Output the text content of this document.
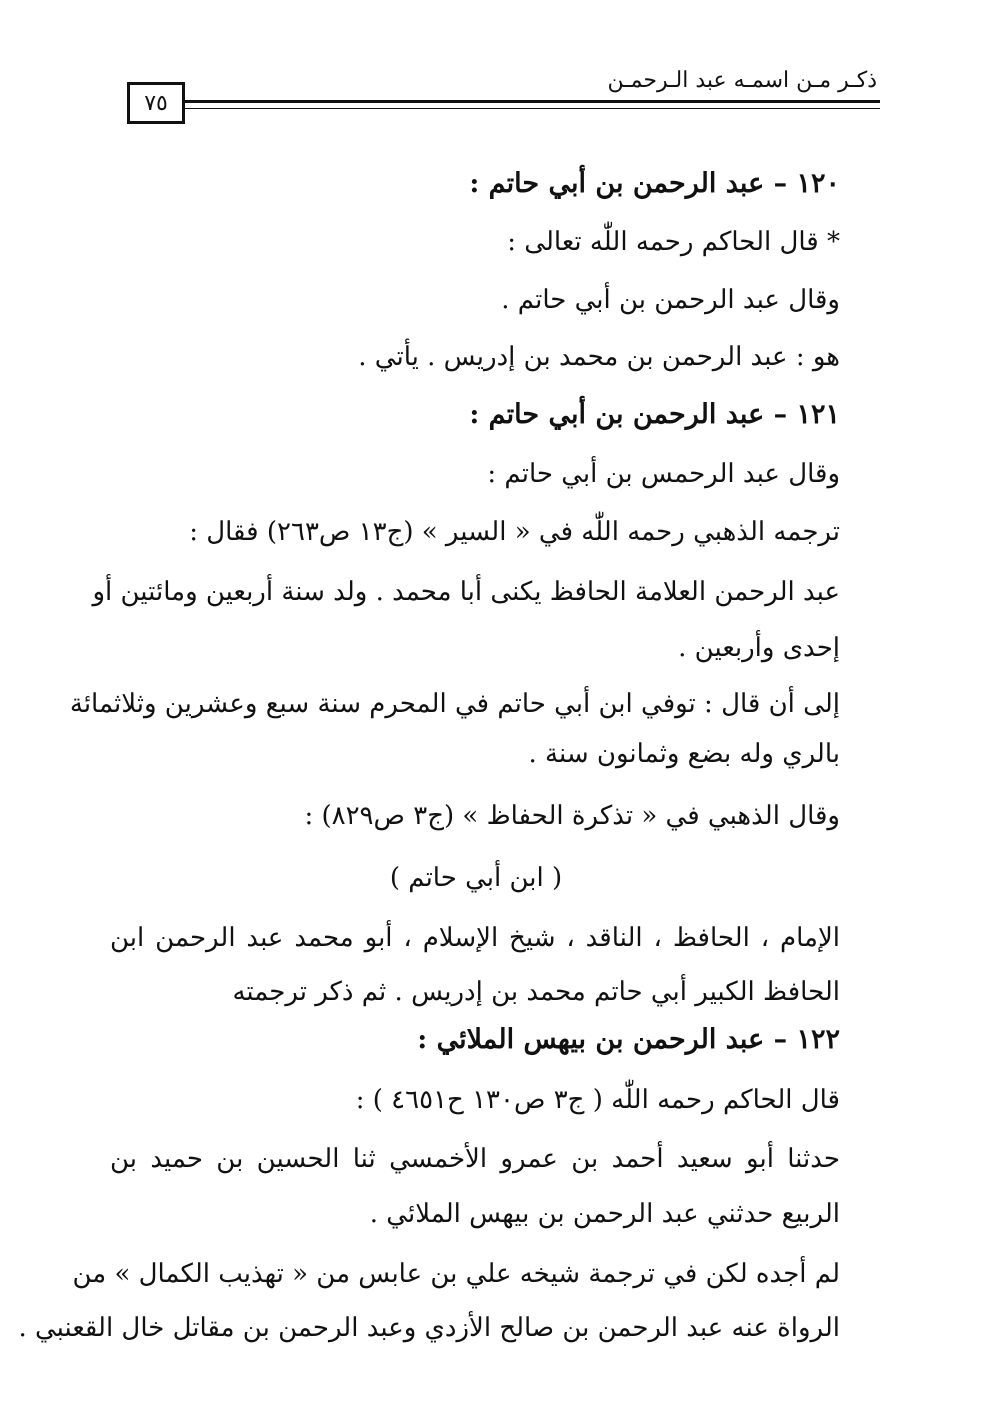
ذكـر مـن اسمـه عبد الـرحمـن
٧٥
١٢٠ – عبد الرحمن بن أبي حاتم :
* قال الحاكم رحمه اللّٰه تعالى :
وقال عبد الرحمن بن أبي حاتم .
هو : عبد الرحمن بن محمد بن إدريس . يأتي .
١٢١ – عبد الرحمن بن أبي حاتم :
وقال عبد الرحمس بن أبي حاتم :
ترجمه الذهبي رحمه اللّٰه في « السير » (ج١٣ ص٢٦٣) فقال :
عبد الرحمن العلامة الحافظ يكنى أبا محمد . ولد سنة أربعين ومائتين أو
إحدى وأربعين .
إلى أن قال : توفي ابن أبي حاتم في المحرم سنة سبع وعشرين وثلاثمائة
بالري وله بضع وثمانون سنة .
وقال الذهبي في « تذكرة الحفاظ » (ج٣ ص٨٢٩) :
( ابن أبي حاتم )
الإمام ، الحافظ ، الناقد ، شيخ الإسلام ، أبو محمد عبد الرحمن ابن
الحافظ الكبير أبي حاتم محمد بن إدريس . ثم ذكر ترجمته
١٢٢ – عبد الرحمن بن بيهس الملائي :
قال الحاكم رحمه اللّٰه ( ج٣ ص١٣٠ ح٤٦٥١ ) :
حدثنا أبو سعيد أحمد بن عمرو الأخمسي ثنا الحسين بن حميد بن
الربيع حدثني عبد الرحمن بن بيهس الملائي .
لم أجده لكن في ترجمة شيخه علي بن عابس من « تهذيب الكمال » من
الرواة عنه عبد الرحمن بن صالح الأزدي وعبد الرحمن بن مقاتل خال القعنبي .
